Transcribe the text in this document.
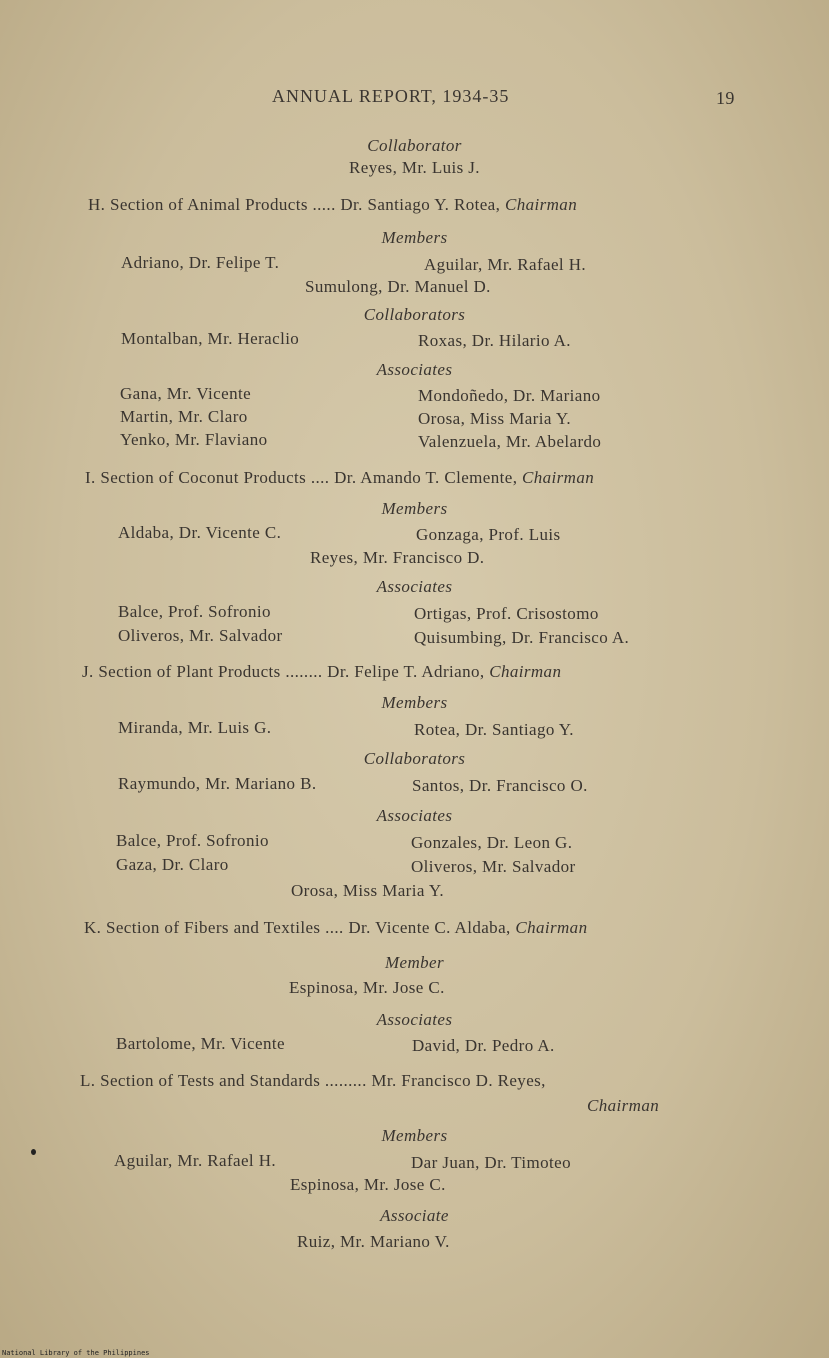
ANNUAL REPORT, 1934-35	19
Collaborator
Reyes, Mr. Luis J.
H. Section of Animal Products ..... Dr. Santiago Y. Rotea, Chairman
Members
Adriano, Dr. Felipe T.	Aguilar, Mr. Rafael H.
Sumulong, Dr. Manuel D.
Collaborators
Montalban, Mr. Heraclio	Roxas, Dr. Hilario A.
Associates
Gana, Mr. Vicente	Mondoñedo, Dr. Mariano
Martin, Mr. Claro	Orosa, Miss Maria Y.
Yenko, Mr. Flaviano	Valenzuela, Mr. Abelardo
I. Section of Coconut Products .... Dr. Amando T. Clemente, Chairman
Members
Aldaba, Dr. Vicente C.	Gonzaga, Prof. Luis
Reyes, Mr. Francisco D.
Associates
Balce, Prof. Sofronio	Ortigas, Prof. Crisostomo
Oliveros, Mr. Salvador	Quisumbing, Dr. Francisco A.
J. Section of Plant Products ........ Dr. Felipe T. Adriano, Chairman
Members
Miranda, Mr. Luis G.	Rotea, Dr. Santiago Y.
Collaborators
Raymundo, Mr. Mariano B.	Santos, Dr. Francisco O.
Associates
Balce, Prof. Sofronio	Gonzales, Dr. Leon G.
Gaza, Dr. Claro	Oliveros, Mr. Salvador
Orosa, Miss Maria Y.
K. Section of Fibers and Textiles .... Dr. Vicente C. Aldaba, Chairman
Member
Espinosa, Mr. Jose C.
Associates
Bartolome, Mr. Vicente	David, Dr. Pedro A.
L. Section of Tests and Standards ......... Mr. Francisco D. Reyes,
Chairman
Members
Aguilar, Mr. Rafael H.	Dar Juan, Dr. Timoteo
Espinosa, Mr. Jose C.
Associate
Ruiz, Mr. Mariano V.
National Library of the Philippines
